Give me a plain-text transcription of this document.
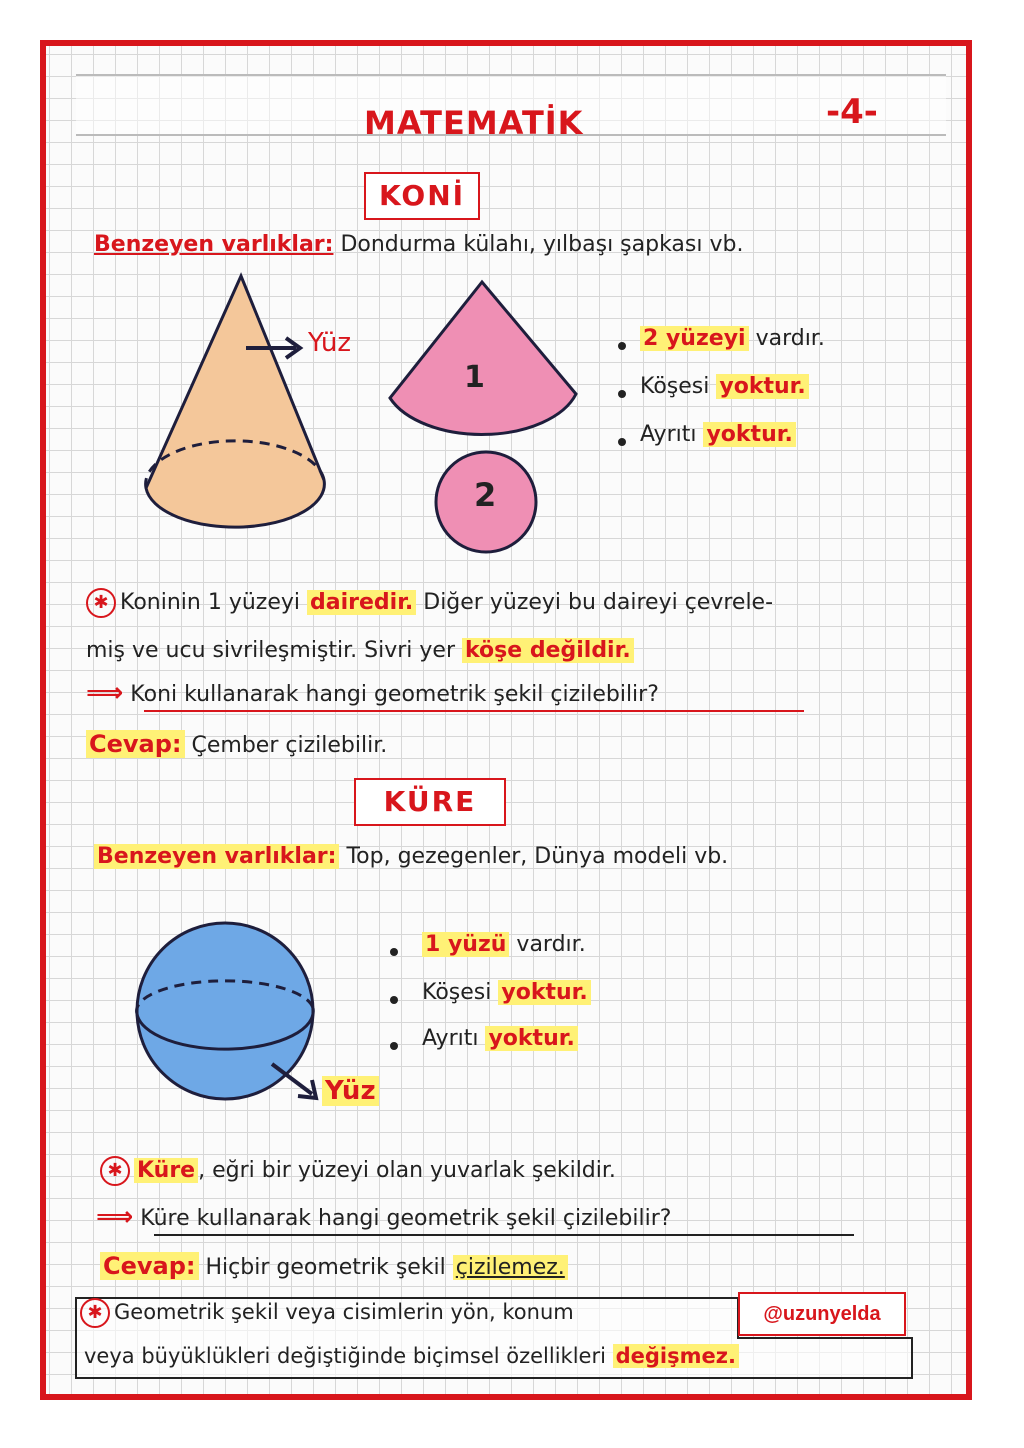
MATEMATİK	-4-
KONİ
Benzeyen varlıklar: Dondurma külahı, yılbaşı şapkası vb.
Yüz
1
2
2 yüzeyi vardır.
Köşesi yoktur.
Ayrıtı yoktur.
✱ Koninin 1 yüzeyi dairedir. Diğer yüzeyi bu daireyi çevrele-
miş ve ucu sivrileşmiştir. Sivri yer köşe değildir.
⟹ Koni kullanarak hangi geometrik şekil çizilebilir?
Cevap: Çember çizilebilir.
KÜRE
Benzeyen varlıklar: Top, gezegenler, Dünya modeli vb.
Yüz
1 yüzü vardır.
Köşesi yoktur.
Ayrıtı yoktur.
✱ Küre , eğri bir yüzeyi olan yuvarlak şekildir.
⟹ Küre kullanarak hangi geometrik şekil çizilebilir?
Cevap: Hiçbir geometrik şekil çizilemez.
✱ Geometrik şekil veya cisimlerin yön, konum
veya büyüklükleri değiştiğinde biçimsel özellikleri değişmez.
@uzunyelda
